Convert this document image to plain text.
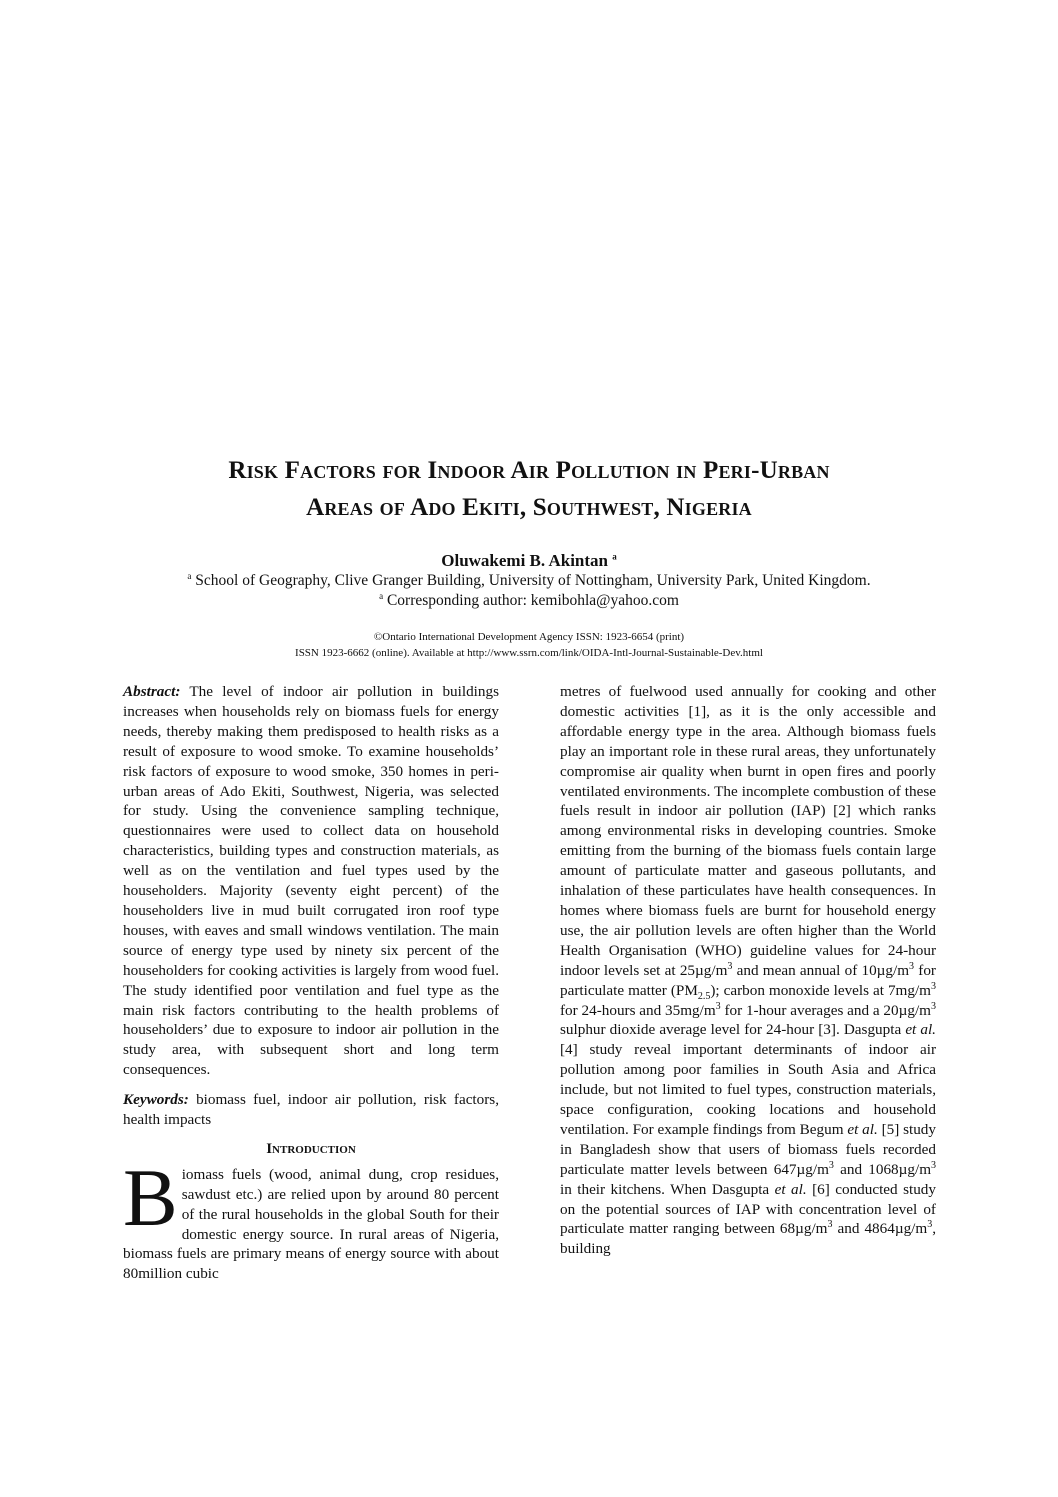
Risk Factors for Indoor Air Pollution in Peri-Urban
Areas of Ado Ekiti, Southwest, Nigeria

Oluwakemi B. Akintan $^a$

$^a$ School of Geography, Clive Granger Building, University of Nottingham, University Park, United Kingdom.
$^a$ Corresponding author: kemibohla@yahoo.com
©Ontario International Development Agency ISSN: 1923-6654 (print)
ISSN 1923-6662 (online). Available at http://www.ssrn.com/link/OIDA-Intl-Journal-Sustainable-Dev.html

Abstract: The level of indoor air pollution in buildings increases when households rely on biomass fuels for energy needs, thereby making them predisposed to health risks as a result of exposure to wood smoke. To examine households’ risk factors of exposure to wood smoke, 350 homes in peri-urban areas of Ado Ekiti, Southwest, Nigeria, was selected for study. Using the convenience sampling technique, questionnaires were used to collect data on household characteristics, building types and construction materials, as well as on the ventilation and fuel types used by the householders. Majority (seventy eight percent) of the householders live in mud built corrugated iron roof type houses, with eaves and small windows ventilation. The main source of energy type used by ninety six percent of the householders for cooking activities is largely from wood fuel. The study identified poor ventilation and fuel type as the main risk factors contributing to the health problems of householders’ due to exposure to indoor air pollution in the study area, with subsequent short and long term consequences.

Keywords: biomass fuel, indoor air pollution, risk factors, health impacts

Introduction

Biomass fuels (wood, animal dung, crop residues, sawdust etc.) are relied upon by around 80 percent of the rural households in the global South for their domestic energy source. In rural areas of Nigeria, biomass fuels are primary means of energy source with about 80million cubic

metres of fuelwood used annually for cooking and other domestic activities [1], as it is the only accessible and affordable energy type in the area. Although biomass fuels play an important role in these rural areas, they unfortunately compromise air quality when burnt in open fires and poorly ventilated environments. The incomplete combustion of these fuels result in indoor air pollution (IAP) [2] which ranks among environmental risks in developing countries. Smoke emitting from the burning of the biomass fuels contain large amount of particulate matter and gaseous pollutants, and inhalation of these particulates have health consequences. In homes where biomass fuels are burnt for household energy use, the air pollution levels are often higher than the World Health Organisation (WHO) guideline values for 24-hour indoor levels set at $25\mu g/m^3$ and mean annual of $10\mu g/m^3$ for particulate matter $(PM_{2.5})$; carbon monoxide levels at $7mg/m^3$ for 24-hours and $35mg/m^3$ for 1-hour averages and a $20\mu g/m^3$ sulphur dioxide average level for 24-hour [3]. Dasgupta et al. [4] study reveal important determinants of indoor air pollution among poor families in South Asia and Africa include, but not limited to fuel types, construction materials, space configuration, cooking locations and household ventilation. For example findings from Begum et al. [5] study in Bangladesh show that users of biomass fuels recorded particulate matter levels between $647\mu g/m^3$ and $1068\mu g/m^3$ in their kitchens. When Dasgupta et al. [6] conducted study on the potential sources of IAP with concentration level of particulate matter ranging between $68\mu g/m^3$ and $4864\mu g/m^3$, building
